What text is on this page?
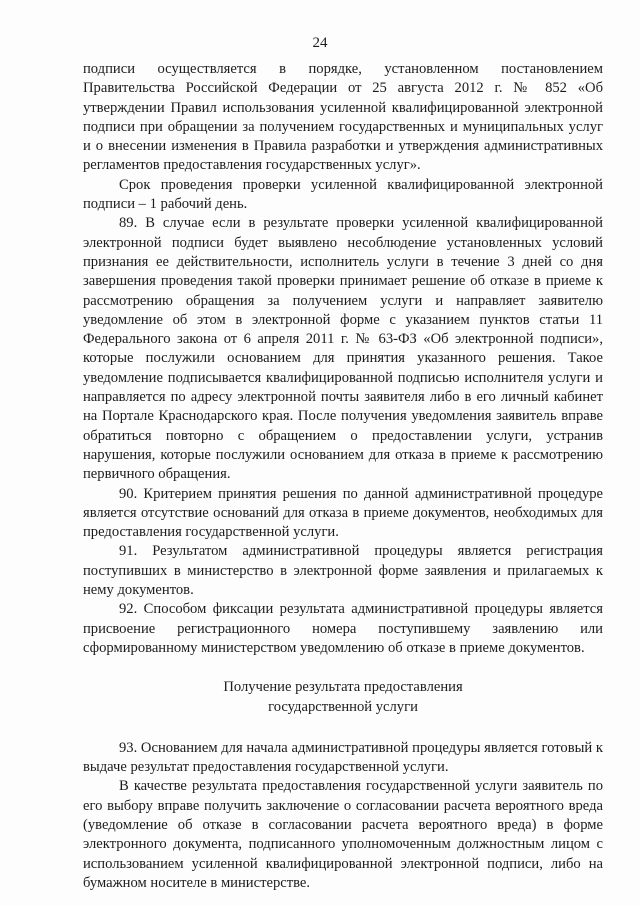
24

подписи осуществляется в порядке, установленном постановлением Правительства Российской Федерации от 25 августа 2012 г. № 852 «Об утверждении Правил использования усиленной квалифицированной электронной подписи при обращении за получением государственных и муниципальных услуг и о внесении изменения в Правила разработки и утверждения административных регламентов предоставления государственных услуг».

Срок проведения проверки усиленной квалифицированной электронной подписи – 1 рабочий день.

89. В случае если в результате проверки усиленной квалифицированной электронной подписи будет выявлено несоблюдение установленных условий признания ее действительности, исполнитель услуги в течение 3 дней со дня завершения проведения такой проверки принимает решение об отказе в приеме к рассмотрению обращения за получением услуги и направляет заявителю уведомление об этом в электронной форме с указанием пунктов статьи 11 Федерального закона от 6 апреля 2011 г. № 63-ФЗ «Об электронной подписи», которые послужили основанием для принятия указанного решения. Такое уведомление подписывается квалифицированной подписью исполнителя услуги и направляется по адресу электронной почты заявителя либо в его личный кабинет на Портале Краснодарского края. После получения уведомления заявитель вправе обратиться повторно с обращением о предоставлении услуги, устранив нарушения, которые послужили основанием для отказа в приеме к рассмотрению первичного обращения.

90. Критерием принятия решения по данной административной процедуре является отсутствие оснований для отказа в приеме документов, необходимых для предоставления государственной услуги.

91. Результатом административной процедуры является регистрация поступивших в министерство в электронной форме заявления и прилагаемых к нему документов.

92. Способом фиксации результата административной процедуры является присвоение регистрационного номера поступившему заявлению или сформированному министерством уведомлению об отказе в приеме документов.

Получение результата предоставления
государственной услуги

93. Основанием для начала административной процедуры является готовый к выдаче результат предоставления государственной услуги.

В качестве результата предоставления государственной услуги заявитель по его выбору вправе получить заключение о согласовании расчета вероятного вреда (уведомление об отказе в согласовании расчета вероятного вреда) в форме электронного документа, подписанного уполномоченным должностным лицом с использованием усиленной квалифицированной электронной подписи, либо на бумажном носителе в министерстве.
